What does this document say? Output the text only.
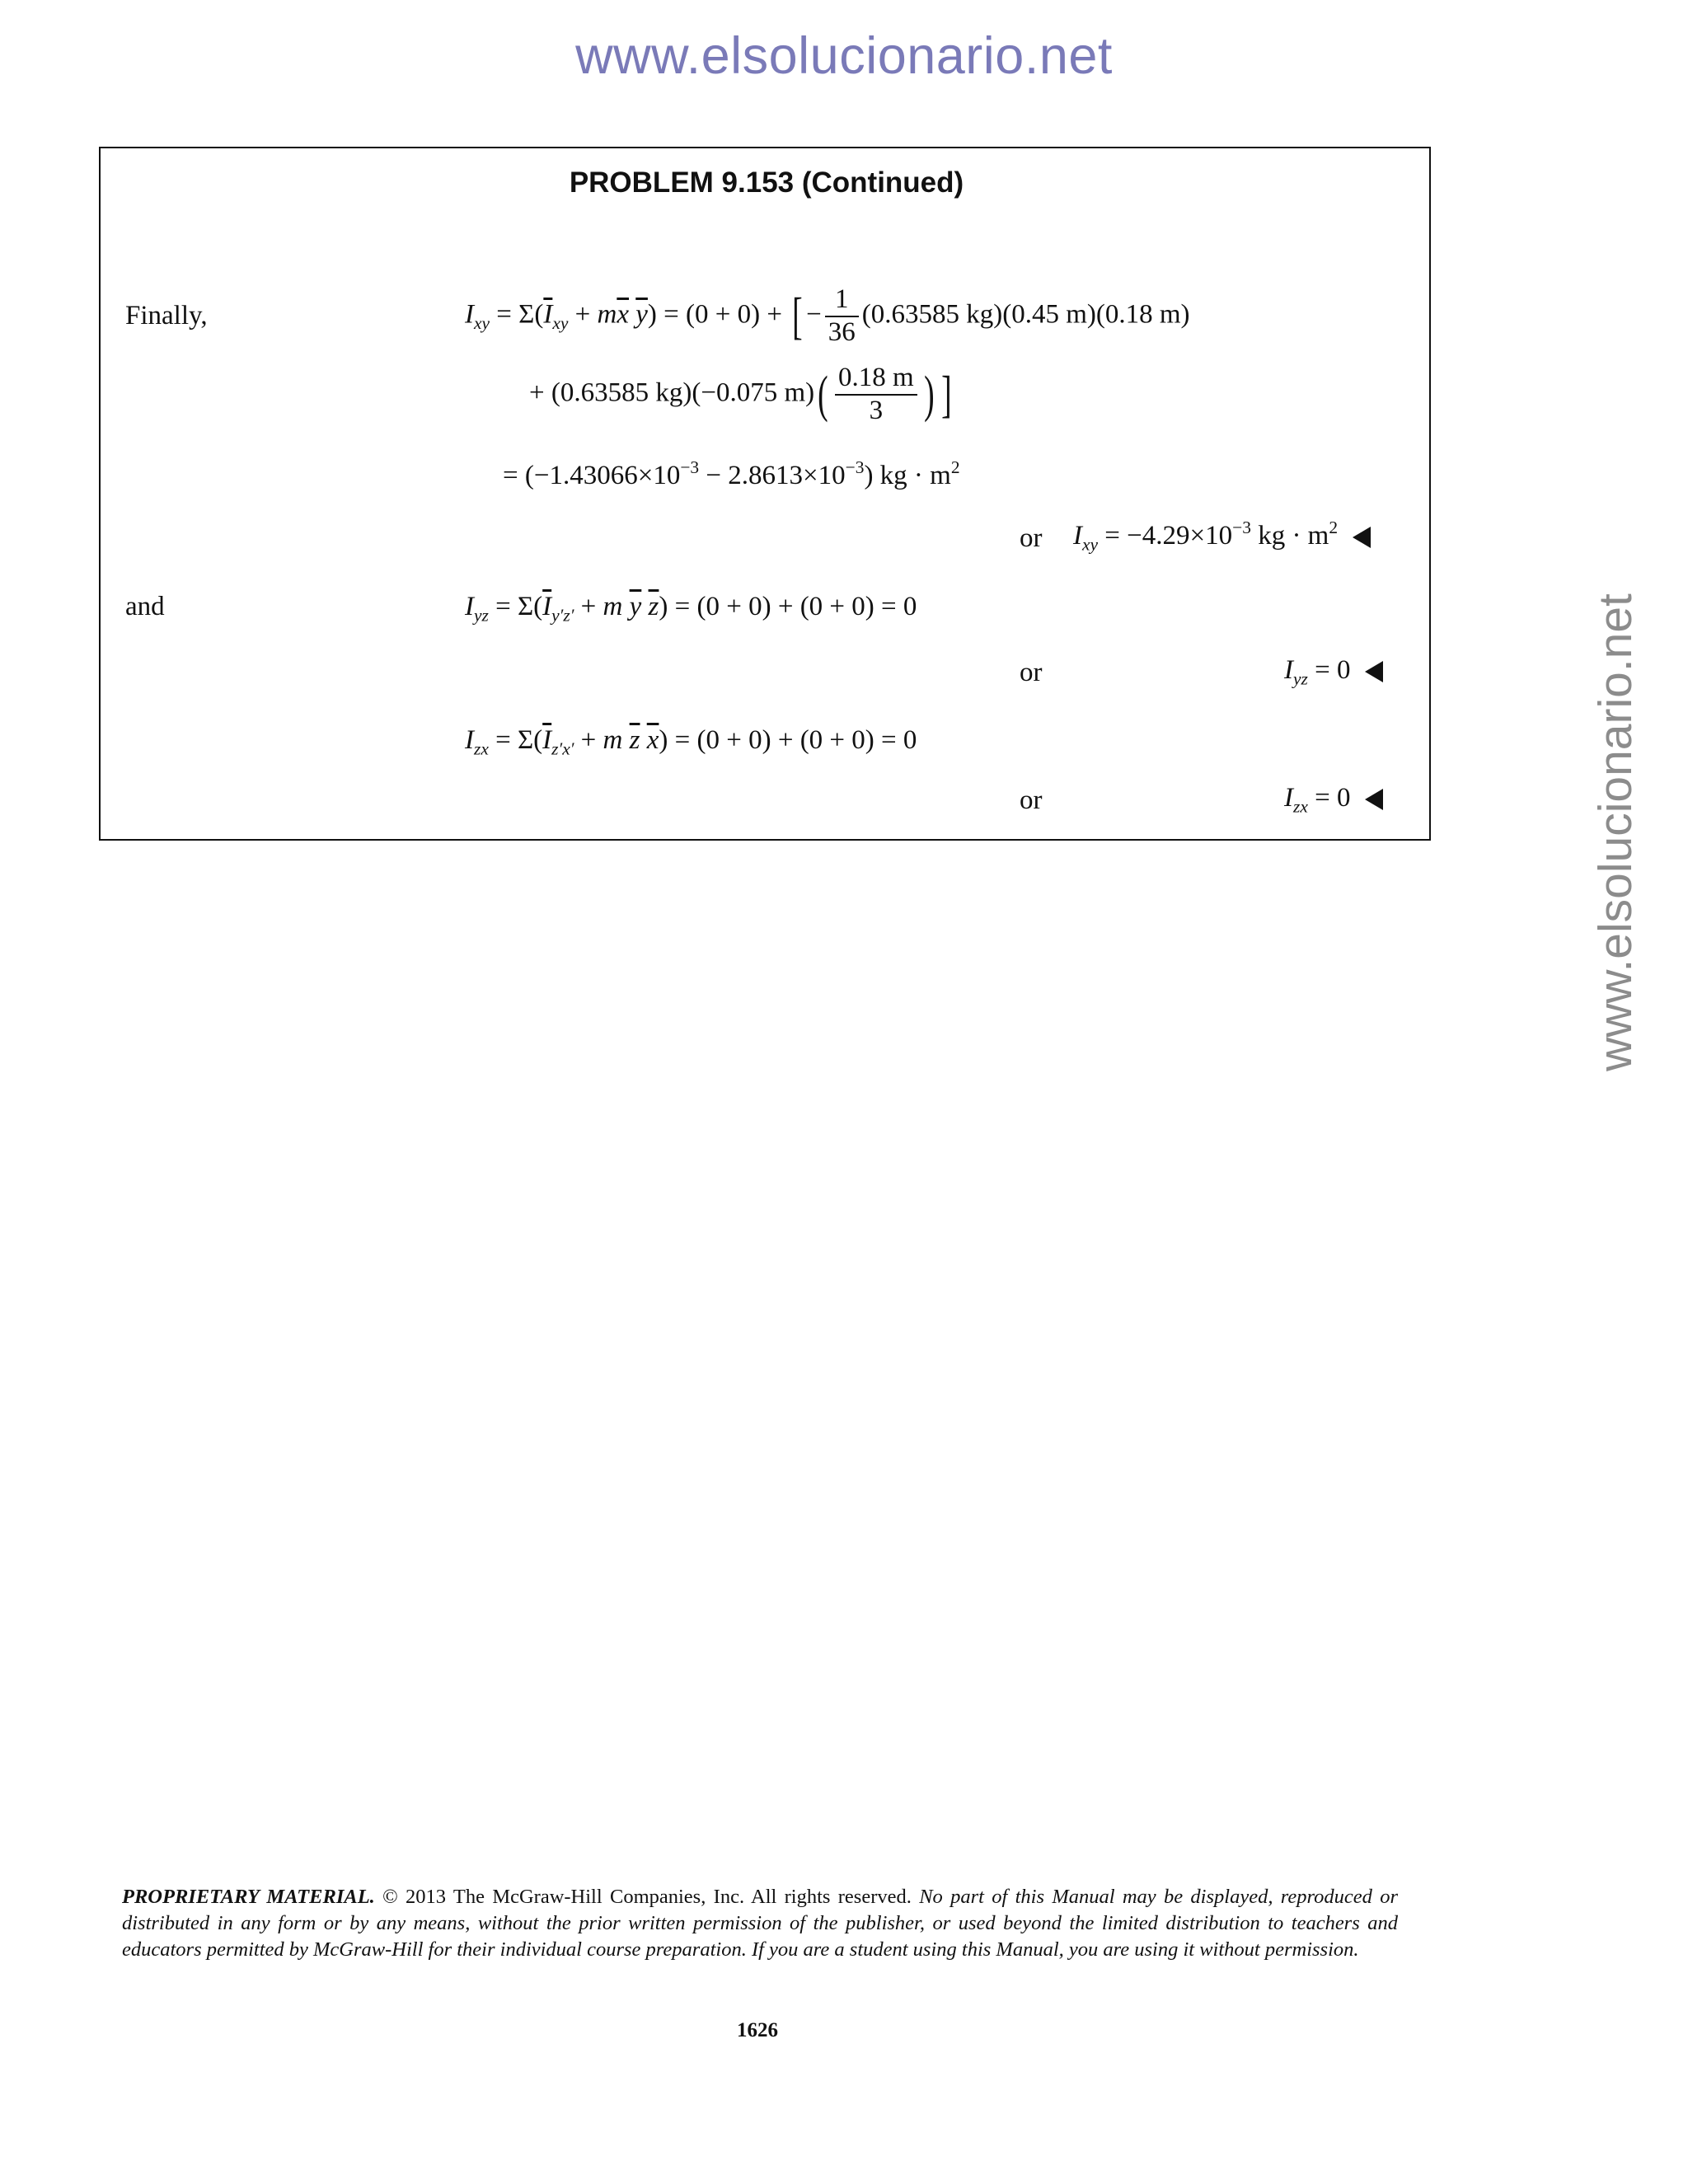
www.elsolucionario.net
www.elsolucionario.net
PROBLEM 9.153 (Continued)
Finally,	$I_{xy} = \Sigma(\overline{I}_{xy} + m\overline{x}$ $\overline{y}) = (0 + 0)$ + [ − $\frac{1}{36} (0.63585$ kg)(0.45 m)(0.18 m)
+ (0.63585 kg)(−0.075 $m)( \frac{0.18 m}{3}$ ) ]
= $(-1.43066\times 10^{-3} - 2.8613\times 10^{-3})$ kg · $m^2$
or $I_{xy} = -4.29\times 10^{-3}$ kg · $m^2$
and	$I_{yz} = \Sigma(\overline{I}_{y'z'} + m$ $\overline{y}$ $\overline{z}) = (0 + 0) + (0 + 0) = 0$
or	$I_{yz} = 0$
$I_{zx} = \Sigma(\overline{I}_{z'x'} + m$ $\overline{z}$ $\overline{x}) = (0 + 0) + (0 + 0) = 0$
or	$I_{zx} = 0$
PROPRIETARY MATERIAL. © 2013 The McGraw-Hill Companies, Inc. All rights reserved. No part of this Manual may be displayed, reproduced or distributed in any form or by any means, without the prior written permission of the publisher, or used beyond the limited distribution to teachers and educators permitted by McGraw-Hill for their individual course preparation. If you are a student using this Manual, you are using it without permission.
1626
